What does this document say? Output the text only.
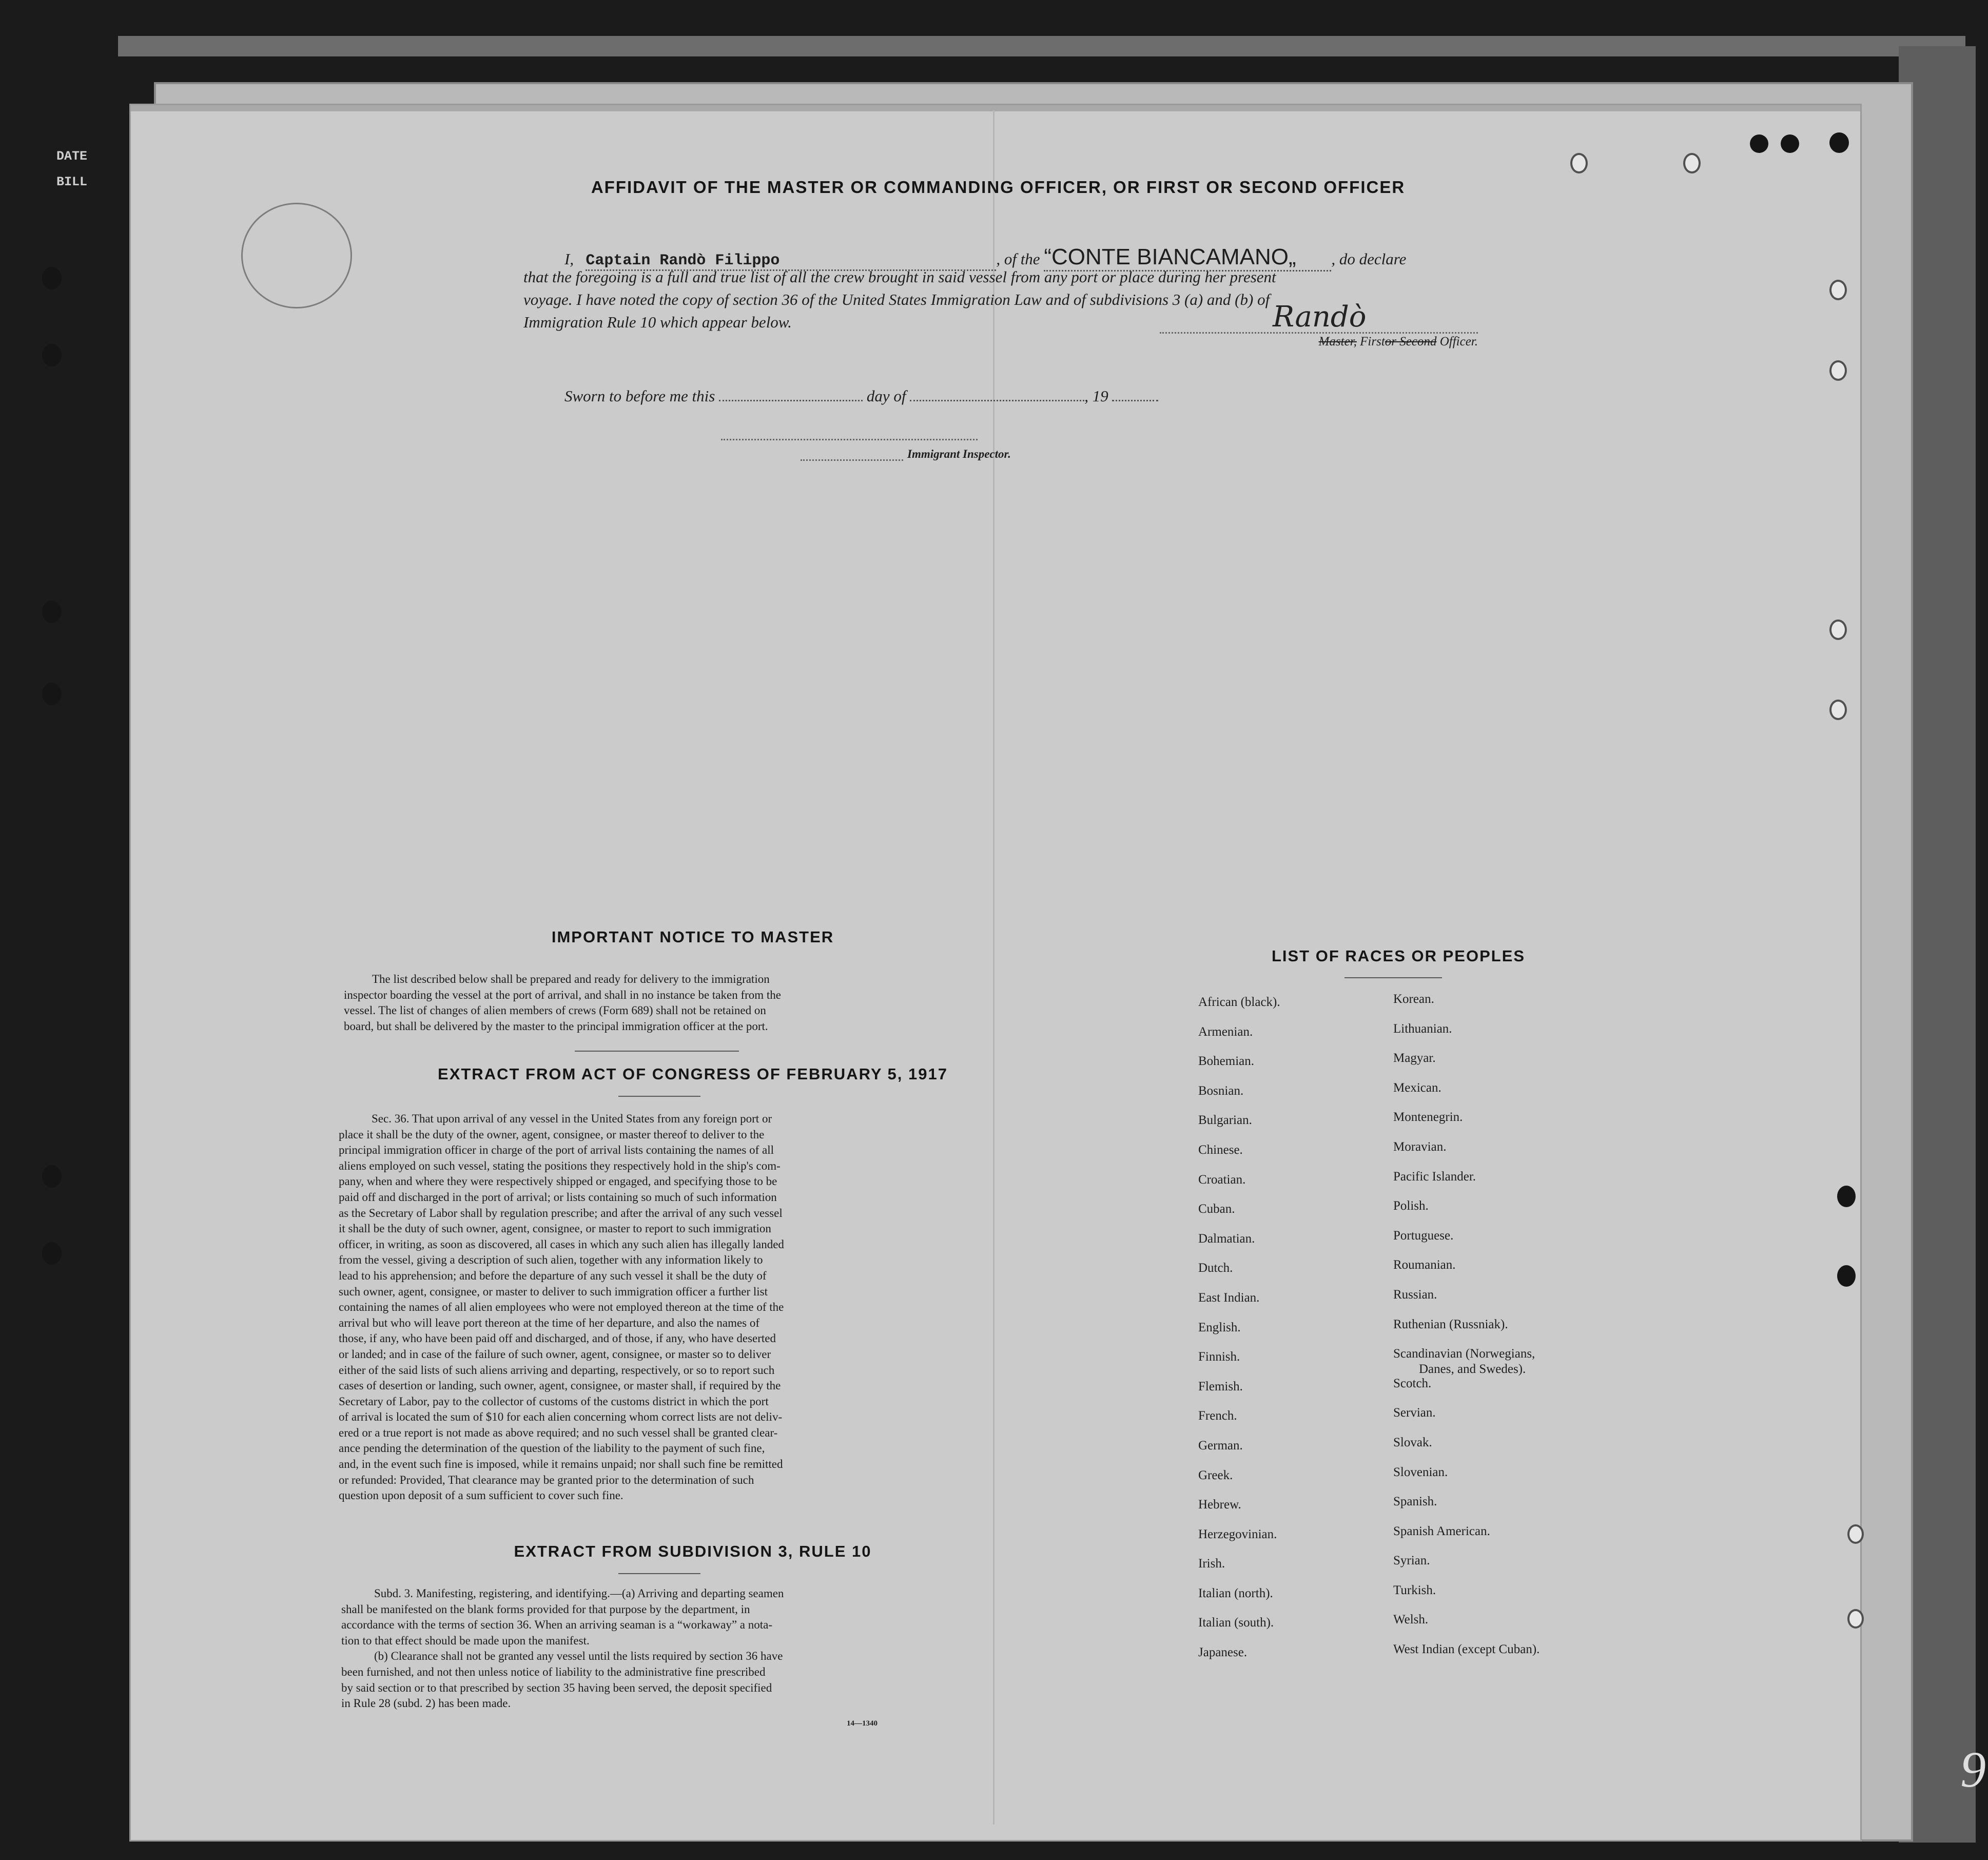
DATE
BILL	AFFIDAVIT OF THE MASTER OR COMMANDING OFFICER, OR FIRST OR SECOND OFFICER
I, Captain Randò Filippo	, of the “CONTE BIANCAMANO„ , do declare
that the foregoing is a full and true list of all the crew brought in said vessel from any port or place during her present
voyage. I have noted the copy of section 36 of the United States Immigration Law and of subdivisions 3 (a) and (b) of
Immigration Rule 10 which appear below.	Randò
Master, Firstor Second Officer.
Sworn to before me this	day of	, 19
Immigrant Inspector.
IMPORTANT NOTICE TO MASTER
The list described below shall be prepared and ready for delivery to the immigration
inspector boarding the vessel at the port of arrival, and shall in no instance be taken from the
vessel. The list of changes of alien members of crews (Form 689) shall not be retained on
board, but shall be delivered by the master to the principal immigration officer at the port.
EXTRACT FROM ACT OF CONGRESS OF FEBRUARY 5, 1917
Sec. 36. That upon arrival of any vessel in the United States from any foreign port or
place it shall be the duty of the owner, agent, consignee, or master thereof to deliver to the
principal immigration officer in charge of the port of arrival lists containing the names of all
aliens employed on such vessel, stating the positions they respectively hold in the ship's com-
pany, when and where they were respectively shipped or engaged, and specifying those to be
paid off and discharged in the port of arrival; or lists containing so much of such information
as the Secretary of Labor shall by regulation prescribe; and after the arrival of any such vessel
it shall be the duty of such owner, agent, consignee, or master to report to such immigration
officer, in writing, as soon as discovered, all cases in which any such alien has illegally landed
from the vessel, giving a description of such alien, together with any information likely to
lead to his apprehension; and before the departure of any such vessel it shall be the duty of
such owner, agent, consignee, or master to deliver to such immigration officer a further list
containing the names of all alien employees who were not employed thereon at the time of the
arrival but who will leave port thereon at the time of her departure, and also the names of
those, if any, who have been paid off and discharged, and of those, if any, who have deserted
or landed; and in case of the failure of such owner, agent, consignee, or master so to deliver
either of the said lists of such aliens arriving and departing, respectively, or so to report such
cases of desertion or landing, such owner, agent, consignee, or master shall, if required by the
Secretary of Labor, pay to the collector of customs of the customs district in which the port
of arrival is located the sum of $10 for each alien concerning whom correct lists are not deliv-
ered or a true report is not made as above required; and no such vessel shall be granted clear-
ance pending the determination of the question of the liability to the payment of such fine,
and, in the event such fine is imposed, while it remains unpaid; nor shall such fine be remitted
or refunded: Provided, That clearance may be granted prior to the determination of such
question upon deposit of a sum sufficient to cover such fine.
EXTRACT FROM SUBDIVISION 3, RULE 10
Subd. 3. Manifesting, registering, and identifying.—(a) Arriving and departing seamen
shall be manifested on the blank forms provided for that purpose by the department, in
accordance with the terms of section 36. When an arriving seaman is a “workaway” a nota-
tion to that effect should be made upon the manifest.
(b) Clearance shall not be granted any vessel until the lists required by section 36 have
been furnished, and not then unless notice of liability to the administrative fine prescribed
by said section or to that prescribed by section 35 having been served, the deposit specified
in Rule 28 (subd. 2) has been made.
14—1340
LIST OF RACES OR PEOPLES
African (black).
Armenian.
Bohemian.
Bosnian.
Bulgarian.
Chinese.
Croatian.
Cuban.
Dalmatian.
Dutch.
East Indian.
English.
Finnish.
Flemish.
French.
German.
Greek.
Hebrew.
Herzegovinian.
Irish.
Italian (north).
Italian (south).
Japanese.
Korean.
Lithuanian.
Magyar.
Mexican.
Montenegrin.
Moravian.
Pacific Islander.
Polish.
Portuguese.
Roumanian.
Russian.
Ruthenian (Russniak).
Scandinavian (Norwegians,
Danes, and Swedes).
Scotch.
Servian.
Slovak.
Slovenian.
Spanish.
Spanish American.
Syrian.
Turkish.
Welsh.
West Indian (except Cuban).
9
